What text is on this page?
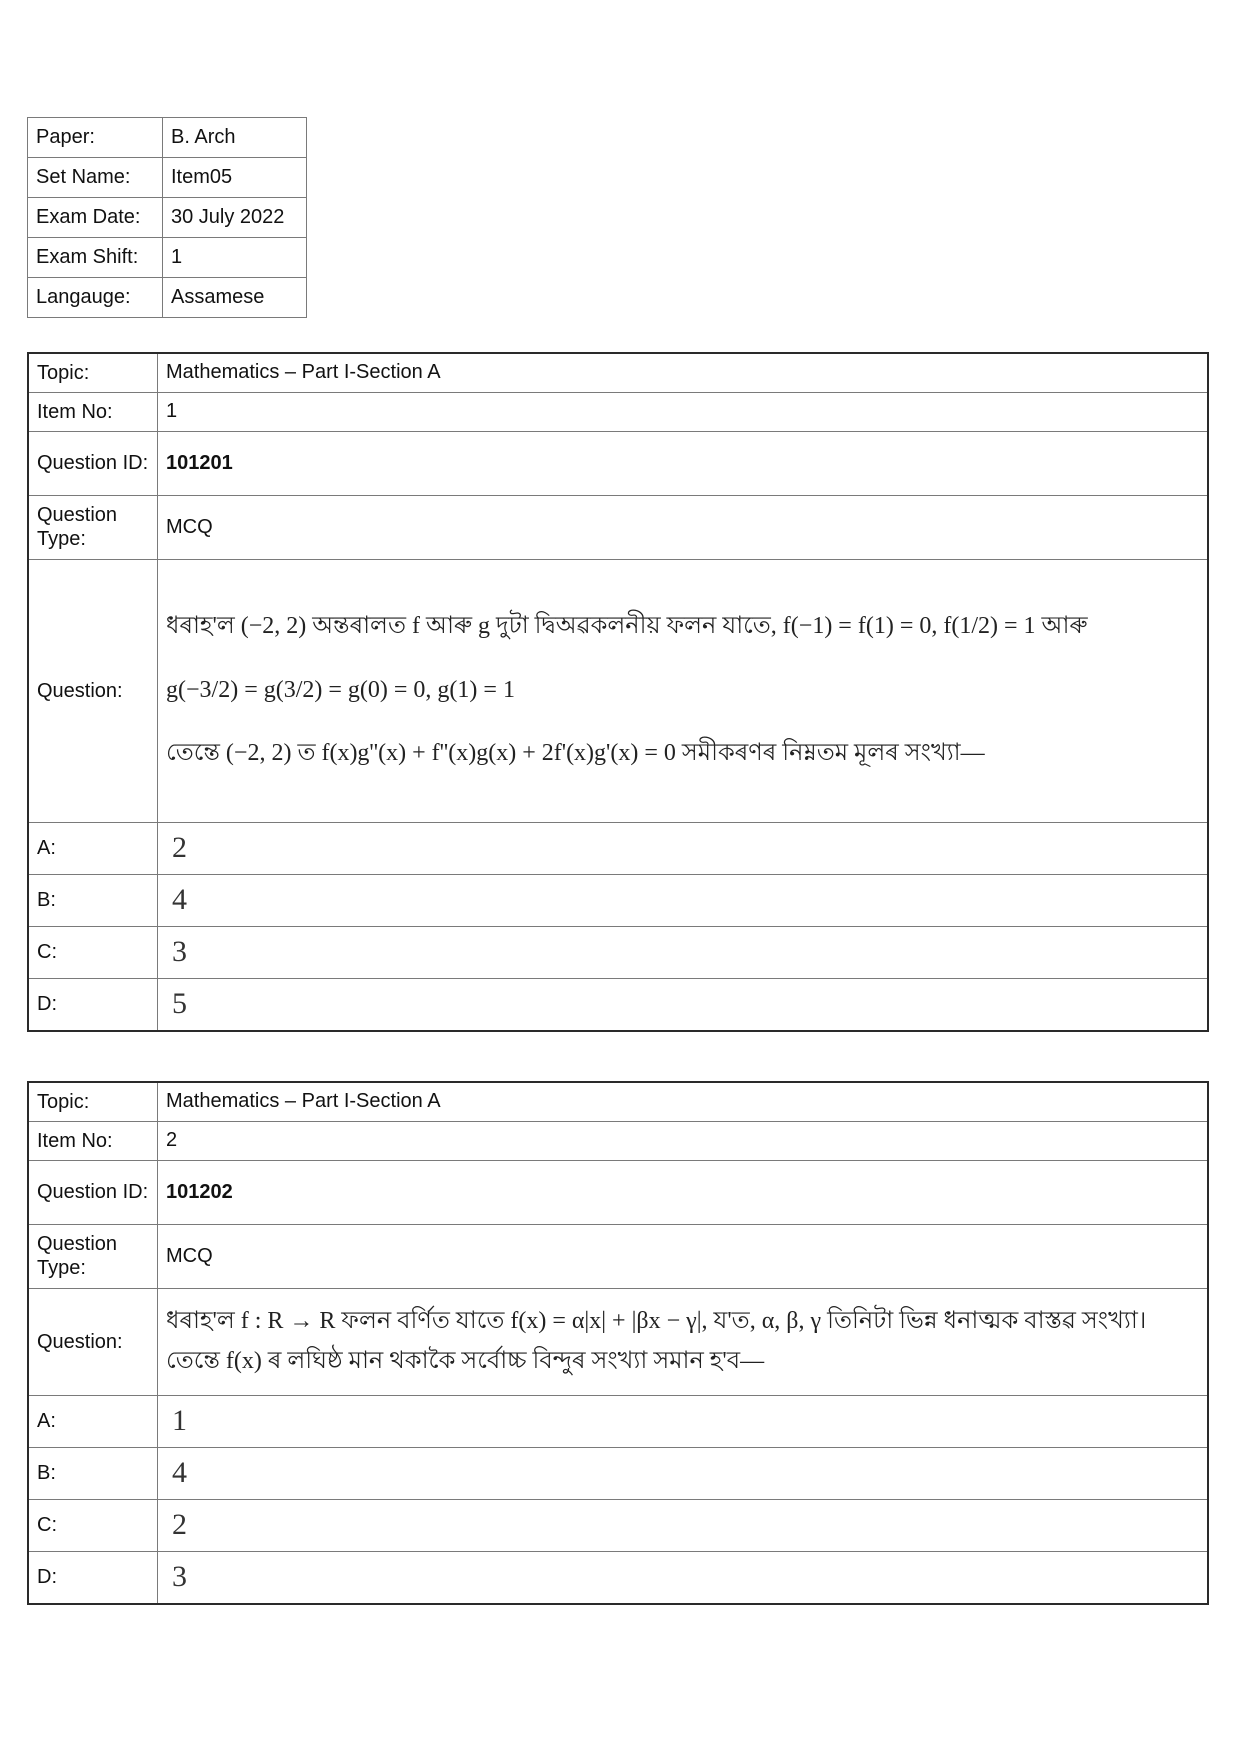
Paper:	B. Arch
Set Name:	Item05
Exam Date:	30 July 2022
Exam Shift:	1
Langauge:	Assamese
Topic:	Mathematics – Part I-Section A
Item No:	1
Question ID:	101201
Question Type:	MCQ
Question:	ধৰাহ'ল (−2, 2) অন্তৰালত f আৰু g দুটা দ্বিঅৱকলনীয় ফলন যাতে, f(−1) = f(1) = 0, f(1/2) = 1 আৰু
g(−3/2) = g(3/2) = g(0) = 0, g(1) = 1
তেন্তে (−2, 2) ত f(x)g''(x) + f''(x)g(x) + 2f'(x)g'(x) = 0 সমীকৰণৰ নিম্নতম মূলৰ সংখ্যা—

A:	2
B:	4
C:	3
D:	5
Topic:	Mathematics – Part I-Section A
Item No:	2
Question ID:	101202
Question Type:	MCQ
Question:	ধৰাহ'ল f : R → R ফলন বৰ্ণিত যাতে f(x) = α|x| + |βx − γ|, য'ত, α, β, γ তিনিটা ভিন্ন ধনাত্মক বাস্তৱ সংখ্যা।
তেন্তে f(x) ৰ লঘিষ্ঠ মান থকাকৈ সৰ্বোচ্চ বিন্দুৰ সংখ্যা সমান হ'ব—

A:	1
B:	4
C:	2
D:	3
